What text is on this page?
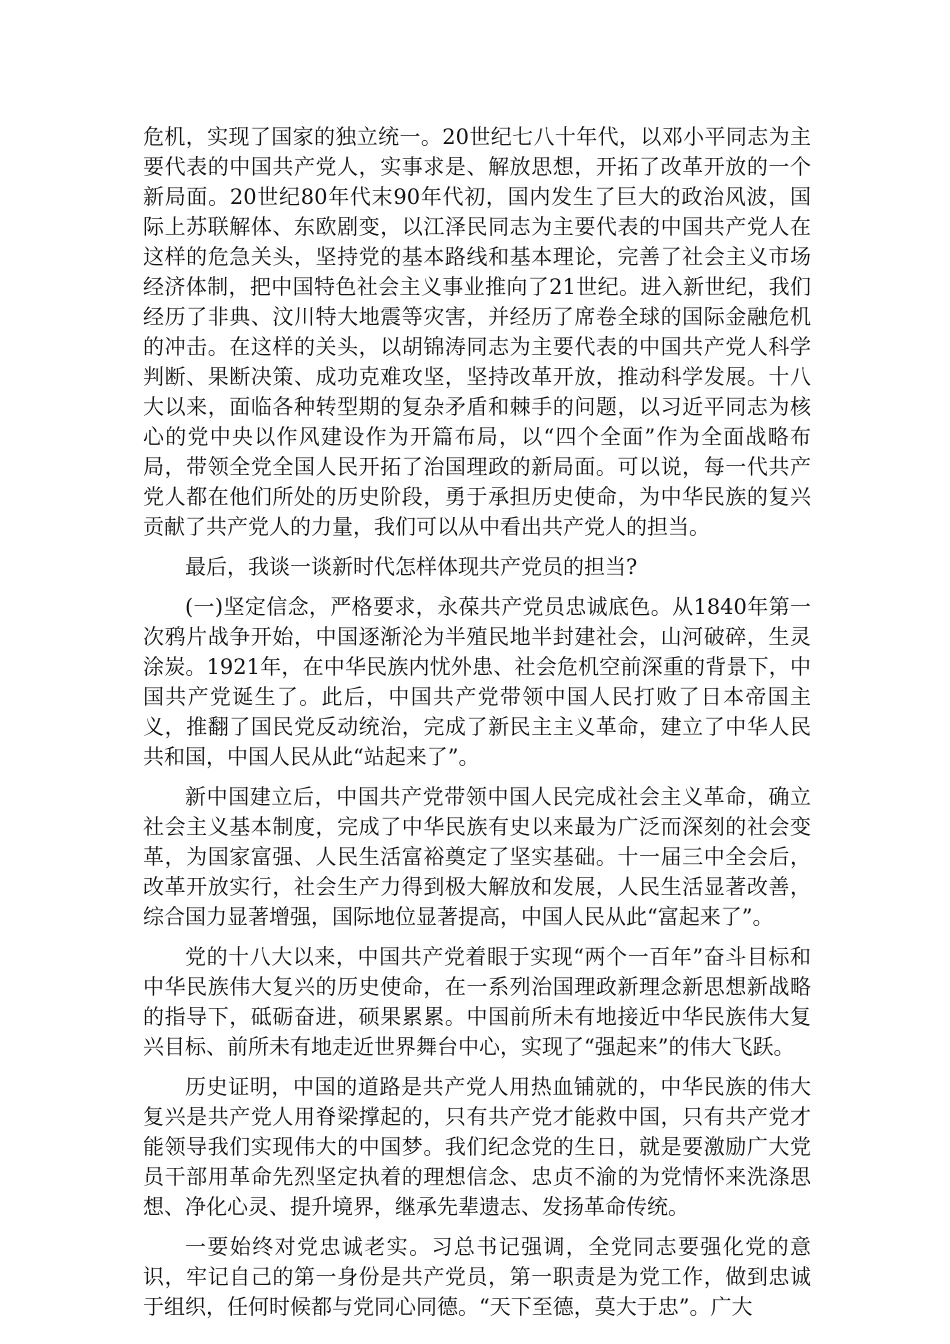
危机，实现了国家的独立统一。20世纪七八十年代，以邓小平同志为主要代表的中国共产党人，实事求是、解放思想，开拓了改革开放的一个新局面。20世纪80年代末90年代初，国内发生了巨大的政治风波，国际上苏联解体、东欧剧变，以江泽民同志为主要代表的中国共产党人在这样的危急关头，坚持党的基本路线和基本理论，完善了社会主义市场经济体制，把中国特色社会主义事业推向了21世纪。进入新世纪，我们经历了非典、汶川特大地震等灾害，并经历了席卷全球的国际金融危机的冲击。在这样的关头，以胡锦涛同志为主要代表的中国共产党人科学判断、果断决策、成功克难攻坚，坚持改革开放，推动科学发展。十八大以来，面临各种转型期的复杂矛盾和棘手的问题，以习近平同志为核心的党中央以作风建设作为开篇布局，以“四个全面”作为全面战略布局，带领全党全国人民开拓了治国理政的新局面。可以说，每一代共产党人都在他们所处的历史阶段，勇于承担历史使命，为中华民族的复兴贡献了共产党人的力量，我们可以从中看出共产党人的担当。

最后，我谈一谈新时代怎样体现共产党员的担当?

(一)坚定信念，严格要求，永葆共产党员忠诚底色。从1840年第一次鸦片战争开始，中国逐渐沦为半殖民地半封建社会，山河破碎，生灵涂炭。1921年，在中华民族内忧外患、社会危机空前深重的背景下，中国共产党诞生了。此后，中国共产党带领中国人民打败了日本帝国主义，推翻了国民党反动统治，完成了新民主主义革命，建立了中华人民共和国，中国人民从此“站起来了”。

新中国建立后，中国共产党带领中国人民完成社会主义革命，确立社会主义基本制度，完成了中华民族有史以来最为广泛而深刻的社会变革，为国家富强、人民生活富裕奠定了坚实基础。十一届三中全会后，改革开放实行，社会生产力得到极大解放和发展，人民生活显著改善，综合国力显著增强，国际地位显著提高，中国人民从此“富起来了”。

党的十八大以来，中国共产党着眼于实现“两个一百年”奋斗目标和中华民族伟大复兴的历史使命，在一系列治国理政新理念新思想新战略的指导下，砥砺奋进，硕果累累。中国前所未有地接近中华民族伟大复兴目标、前所未有地走近世界舞台中心，实现了“强起来”的伟大飞跃。

历史证明，中国的道路是共产党人用热血铺就的，中华民族的伟大复兴是共产党人用脊梁撑起的，只有共产党才能救中国，只有共产党才能领导我们实现伟大的中国梦。我们纪念党的生日，就是要激励广大党员干部用革命先烈坚定执着的理想信念、忠贞不渝的为党情怀来洗涤思想、净化心灵、提升境界，继承先辈遗志、发扬革命传统。

一要始终对党忠诚老实。习总书记强调，全党同志要强化党的意识，牢记自己的第一身份是共产党员，第一职责是为党工作，做到忠诚于组织，任何时候都与党同心同德。“天下至德，莫大于忠”。广大
